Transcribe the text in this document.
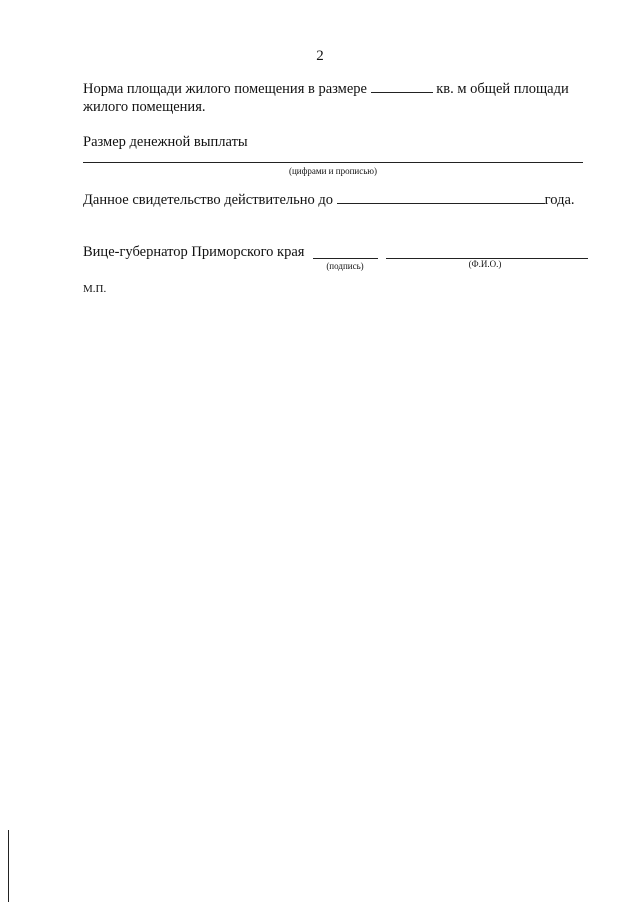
2
Норма площади жилого помещения в размере	кв. м общей площади
жилого помещения.
Размер денежной выплаты
(цифрами и прописью)
Данное свидетельство действительно до	года.
Вице-губернатор Приморского края
(подпись)	(Ф.И.О.)
М.П.
